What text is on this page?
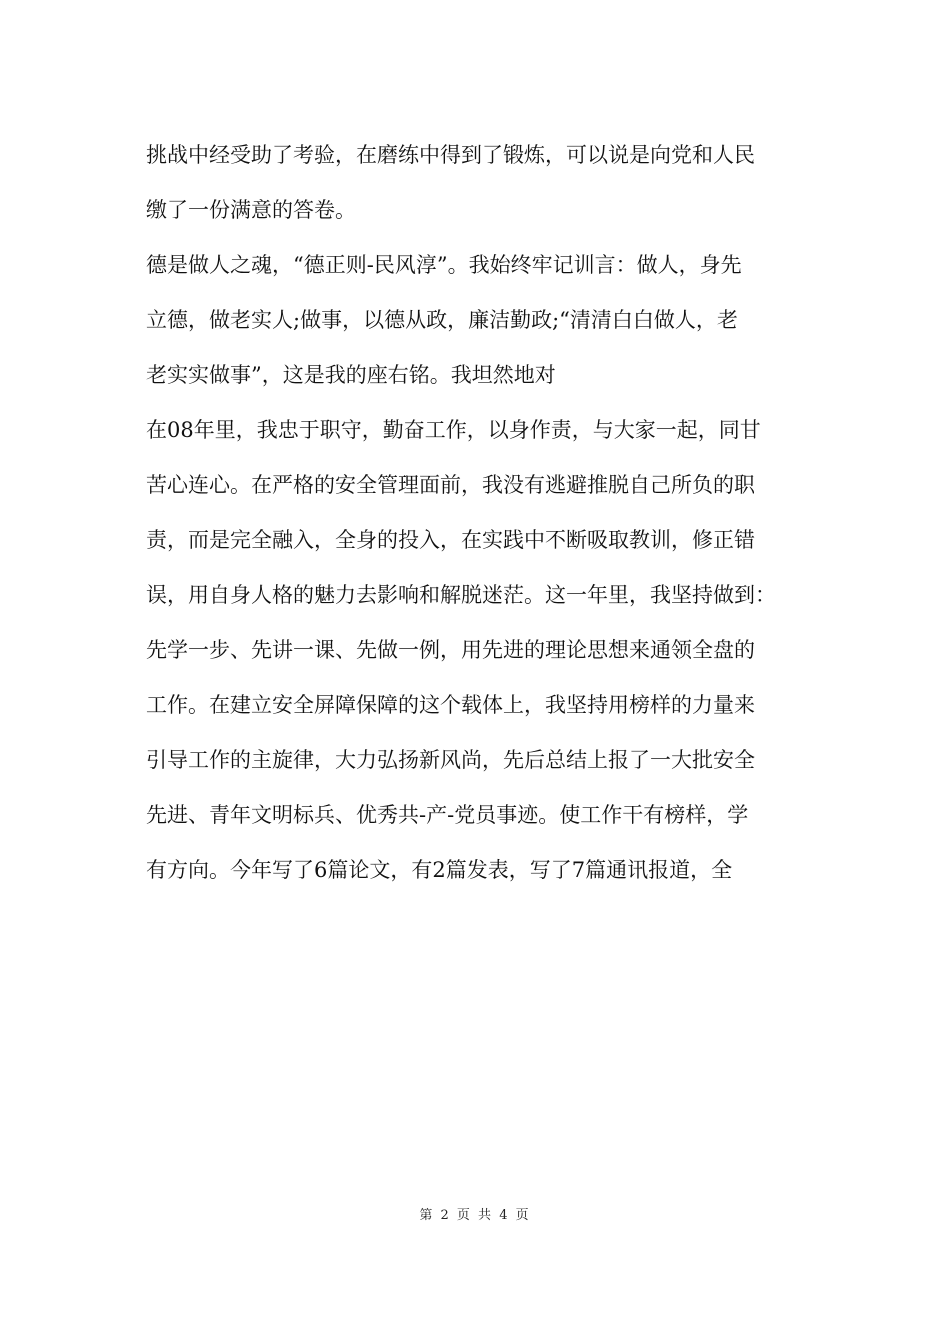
挑战中经受助了考验，在磨练中得到了锻炼，可以说是向党和人民
缴了一份满意的答卷。
德是做人之魂，“德正则-民风淳”。我始终牢记训言：做人，身先
立德，做老实人;做事，以德从政，廉洁勤政;“清清白白做人，老
老实实做事”，这是我的座右铭。我坦然地对
在08年里，我忠于职守，勤奋工作，以身作责，与大家一起，同甘
苦心连心。在严格的安全管理面前，我没有逃避推脱自己所负的职
责，而是完全融入，全身的投入，在实践中不断吸取教训，修正错
误，用自身人格的魅力去影响和解脱迷茫。这一年里，我坚持做到：
先学一步、先讲一课、先做一例，用先进的理论思想来通领全盘的
工作。在建立安全屏障保障的这个载体上，我坚持用榜样的力量来
引导工作的主旋律，大力弘扬新风尚，先后总结上报了一大批安全
先进、青年文明标兵、优秀共-产-党员事迹。使工作干有榜样，学
有方向。今年写了6篇论文，有2篇发表，写了7篇通讯报道，全
第 2 页 共 4 页
